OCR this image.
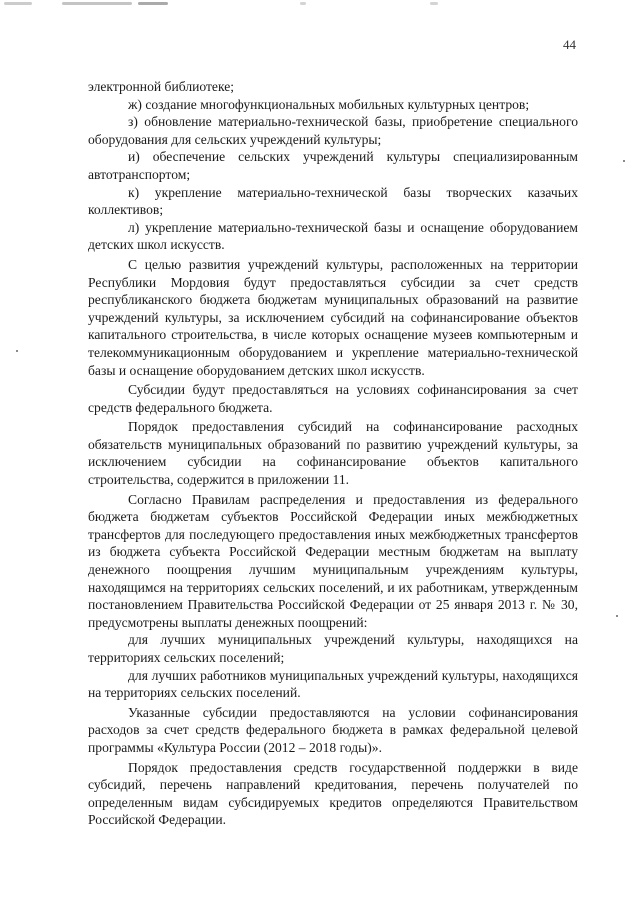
44

электронной библиотеке;

ж) создание многофункциональных мобильных культурных центров;

з) обновление материально-технической базы, приобретение специального оборудования для сельских учреждений культуры;

и) обеспечение сельских учреждений культуры специализированным автотранспортом;

к) укрепление материально-технической базы творческих казачьих коллективов;

л) укрепление материально-технической базы и оснащение оборудованием детских школ искусств.

С целью развития учреждений культуры, расположенных на территории Республики Мордовия будут предоставляться субсидии за счет средств республиканского бюджета бюджетам муниципальных образований на развитие учреждений культуры, за исключением субсидий на софинансирование объектов капитального строительства, в числе которых оснащение музеев компьютерным и телекоммуникационным оборудованием и укрепление материально-технической базы и оснащение оборудованием детских школ искусств.

Субсидии будут предоставляться на условиях софинансирования за счет средств федерального бюджета.

Порядок предоставления субсидий на софинансирование расходных обязательств муниципальных образований по развитию учреждений культуры, за исключением субсидии на софинансирование объектов капитального строительства, содержится в приложении 11.

Согласно Правилам распределения и предоставления из федерального бюджета бюджетам субъектов Российской Федерации иных межбюджетных трансфертов для последующего предоставления иных межбюджетных трансфертов из бюджета субъекта Российской Федерации местным бюджетам на выплату денежного поощрения лучшим муниципальным учреждениям культуры, находящимся на территориях сельских поселений, и их работникам, утвержденным постановлением Правительства Российской Федерации от 25 января 2013 г. № 30, предусмотрены выплаты денежных поощрений:

для лучших муниципальных учреждений культуры, находящихся на территориях сельских поселений;

для лучших работников муниципальных учреждений культуры, находящихся на территориях сельских поселений.

Указанные субсидии предоставляются на условии софинансирования расходов за счет средств федерального бюджета в рамках федеральной целевой программы «Культура России (2012 – 2018 годы)».

Порядок предоставления средств государственной поддержки в виде субсидий, перечень направлений кредитования, перечень получателей по определенным видам субсидируемых кредитов определяются Правительством Российской Федерации.
